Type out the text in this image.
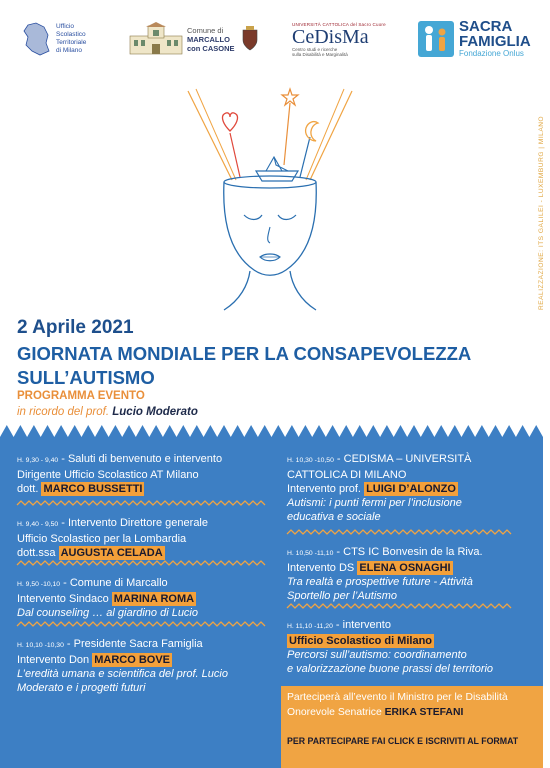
Ufficio
Scolastico
Territoriale
di Milano
Comune di
MARCALLO
con CASONE
UNIVERSITÀ CATTOLICA del Sacro Cuore
CeDisMa
Centro studi e ricerche
sulla Disabilità e Marginalità
SACRA
FAMIGLIA
Fondazione Onlus
REALIZZAZIONE: ITS GALILEI - LUXEMBURG | MILANO
2 Aprile 2021
GIORNATA MONDIALE PER LA CONSAPEVOLEZZA
SULL’AUTISMO
PROGRAMMA EVENTO
in ricordo del prof. Lucio Moderato
H. 9,30 - 9,40 - Saluti di benvenuto e intervento
Dirigente Ufficio Scolastico AT Milano
dott. MARCO BUSSETTI
H. 9,40 - 9,50 - Intervento Direttore generale
Ufficio Scolastico per la Lombardia
dott.ssa AUGUSTA CELADA
H. 9,50 -10,10 - Comune di Marcallo
Intervento Sindaco MARINA ROMA
Dal counseling … al giardino di Lucio
H. 10,10 -10,30 - Presidente Sacra Famiglia
Intervento Don MARCO BOVE
L’eredità umana e scientifica del prof. Lucio
Moderato e i progetti futuri
H. 10,30 -10,50 - CEDISMA – UNIVERSITÀ
CATTOLICA DI MILANO
Intervento prof. LUIGI D’ALONZO
Autismi: i punti fermi per l’inclusione
educativa e sociale
H. 10,50 -11,10 - CTS IC Bonvesin de la Riva.
Intervento DS ELENA OSNAGHI
Tra realtà e prospettive future - Attività
Sportello per l’Autismo
H. 11,10 -11,20 - intervento
Ufficio Scolastico di Milano
Percorsi sull’autismo: coordinamento
e valorizzazione buone prassi del territorio
Parteciperà all’evento il Ministro per le Disabilità
Onorevole Senatrice ERIKA STEFANI
PER PARTECIPARE FAI CLICK E ISCRIVITI AL FORMAT
